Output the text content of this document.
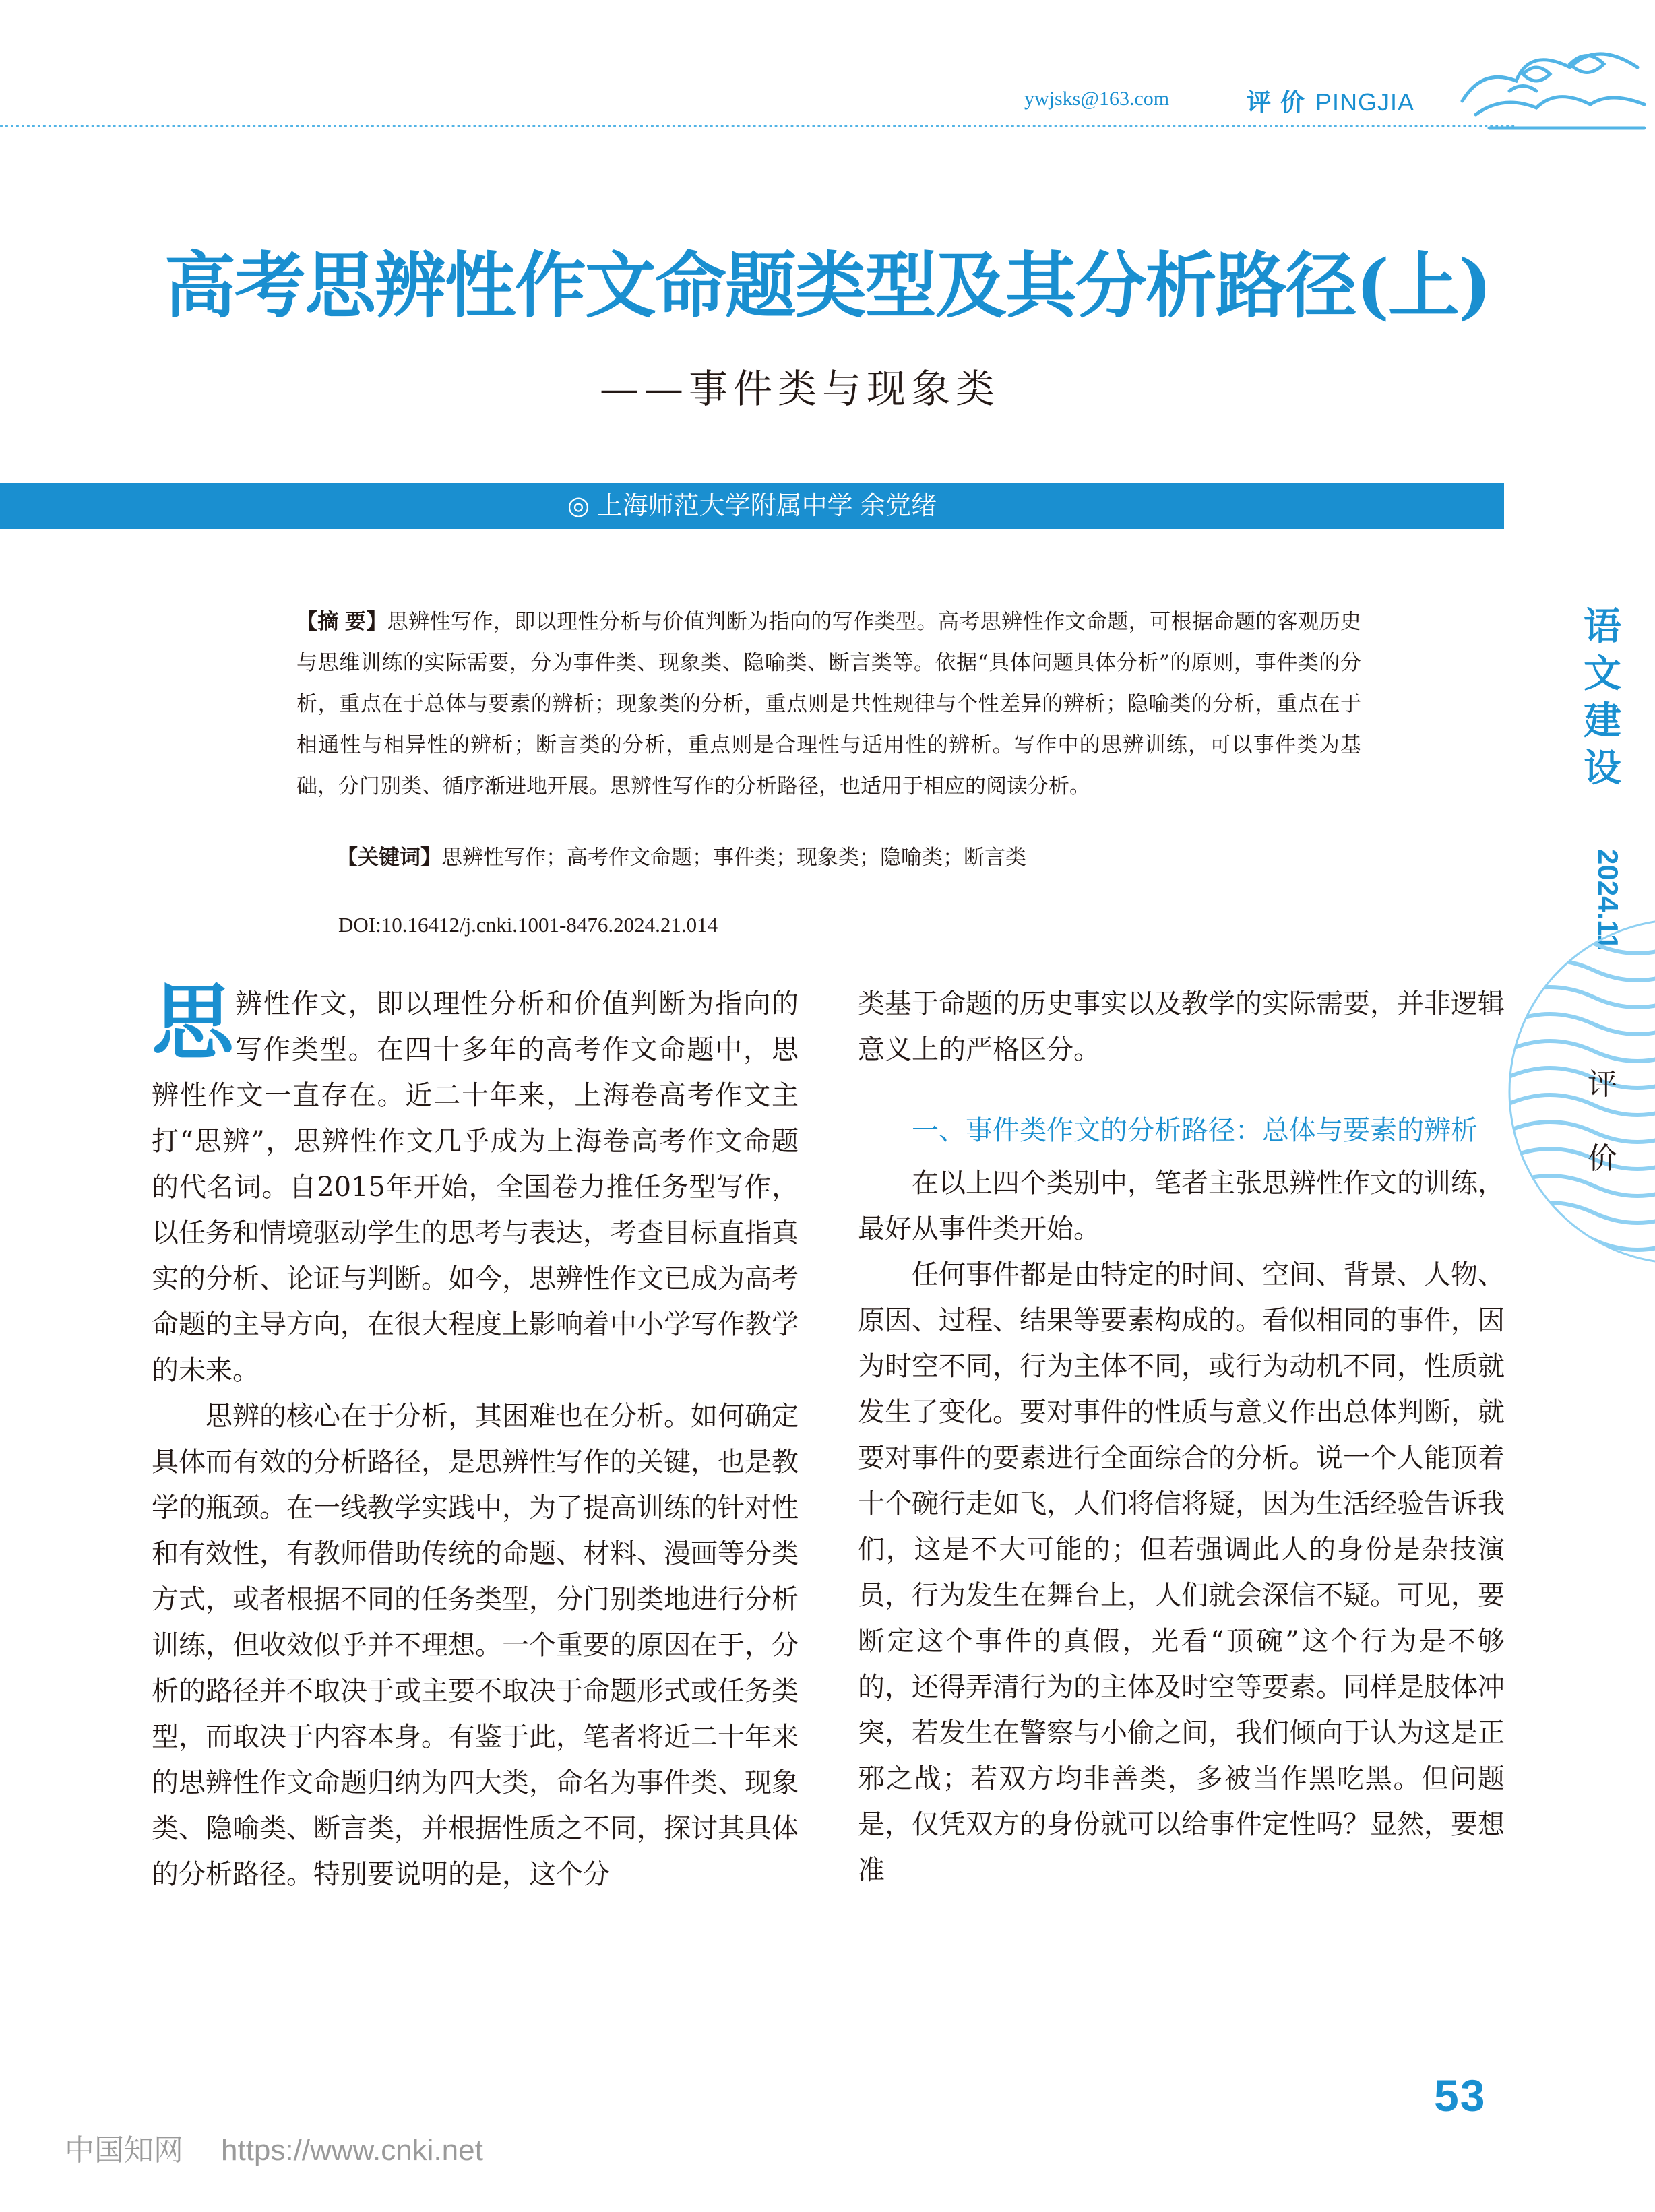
ywjsks@163.com	评 价 PINGJIA
高考思辨性作文命题类型及其分析路径(上)
——事件类与现象类
◎ 上海师范大学附属中学 余党绪
【摘 要】思辨性写作，即以理性分析与价值判断为指向的写作类型。高考思辨性作文命题，可根据命题的客观历史与思维训练的实际需要，分为事件类、现象类、隐喻类、断言类等。依据“具体问题具体分析”的原则，事件类的分析，重点在于总体与要素的辨析；现象类的分析，重点则是共性规律与个性差异的辨析；隐喻类的分析，重点在于相通性与相异性的辨析；断言类的分析，重点则是合理性与适用性的辨析。写作中的思辨训练，可以事件类为基础，分门别类、循序渐进地开展。思辨性写作的分析路径，也适用于相应的阅读分析。
【关键词】思辨性写作；高考作文命题；事件类；现象类；隐喻类；断言类
DOI:10.16412/j.cnki.1001-8476.2024.21.014

思辨性作文，即以理性分析和价值判断为指向的写作类型。在四十多年的高考作文命题中，思辨性作文一直存在。近二十年来，上海卷高考作文主打“思辨”，思辨性作文几乎成为上海卷高考作文命题的代名词。自2015年开始，全国卷力推任务型写作，以任务和情境驱动学生的思考与表达，考查目标直指真实的分析、论证与判断。如今，思辨性作文已成为高考命题的主导方向，在很大程度上影响着中小学写作教学的未来。

思辨的核心在于分析，其困难也在分析。如何确定具体而有效的分析路径，是思辨性写作的关键，也是教学的瓶颈。在一线教学实践中，为了提高训练的针对性和有效性，有教师借助传统的命题、材料、漫画等分类方式，或者根据不同的任务类型，分门别类地进行分析训练，但收效似乎并不理想。一个重要的原因在于，分析的路径并不取决于或主要不取决于命题形式或任务类型，而取决于内容本身。有鉴于此，笔者将近二十年来的思辨性作文命题归纳为四大类，命名为事件类、现象类、隐喻类、断言类，并根据性质之不同，探讨其具体的分析路径。特别要说明的是，这个分

类基于命题的历史事实以及教学的实际需要，并非逻辑意义上的严格区分。

一、事件类作文的分析路径：总体与要素的辨析

在以上四个类别中，笔者主张思辨性作文的训练，最好从事件类开始。

任何事件都是由特定的时间、空间、背景、人物、原因、过程、结果等要素构成的。看似相同的事件，因为时空不同，行为主体不同，或行为动机不同，性质就发生了变化。要对事件的性质与意义作出总体判断，就要对事件的要素进行全面综合的分析。说一个人能顶着十个碗行走如飞，人们将信将疑，因为生活经验告诉我们，这是不大可能的；但若强调此人的身份是杂技演员，行为发生在舞台上，人们就会深信不疑。可见，要断定这个事件的真假，光看“顶碗”这个行为是不够的，还得弄清行为的主体及时空等要素。同样是肢体冲突，若发生在警察与小偷之间，我们倾向于认为这是正邪之战；若双方均非善类，多被当作黑吃黑。但问题是，仅凭双方的身份就可以给事件定性吗？显然，要想准

语文建设
2024.11
评价
53
中国知网 https://www.cnki.net
